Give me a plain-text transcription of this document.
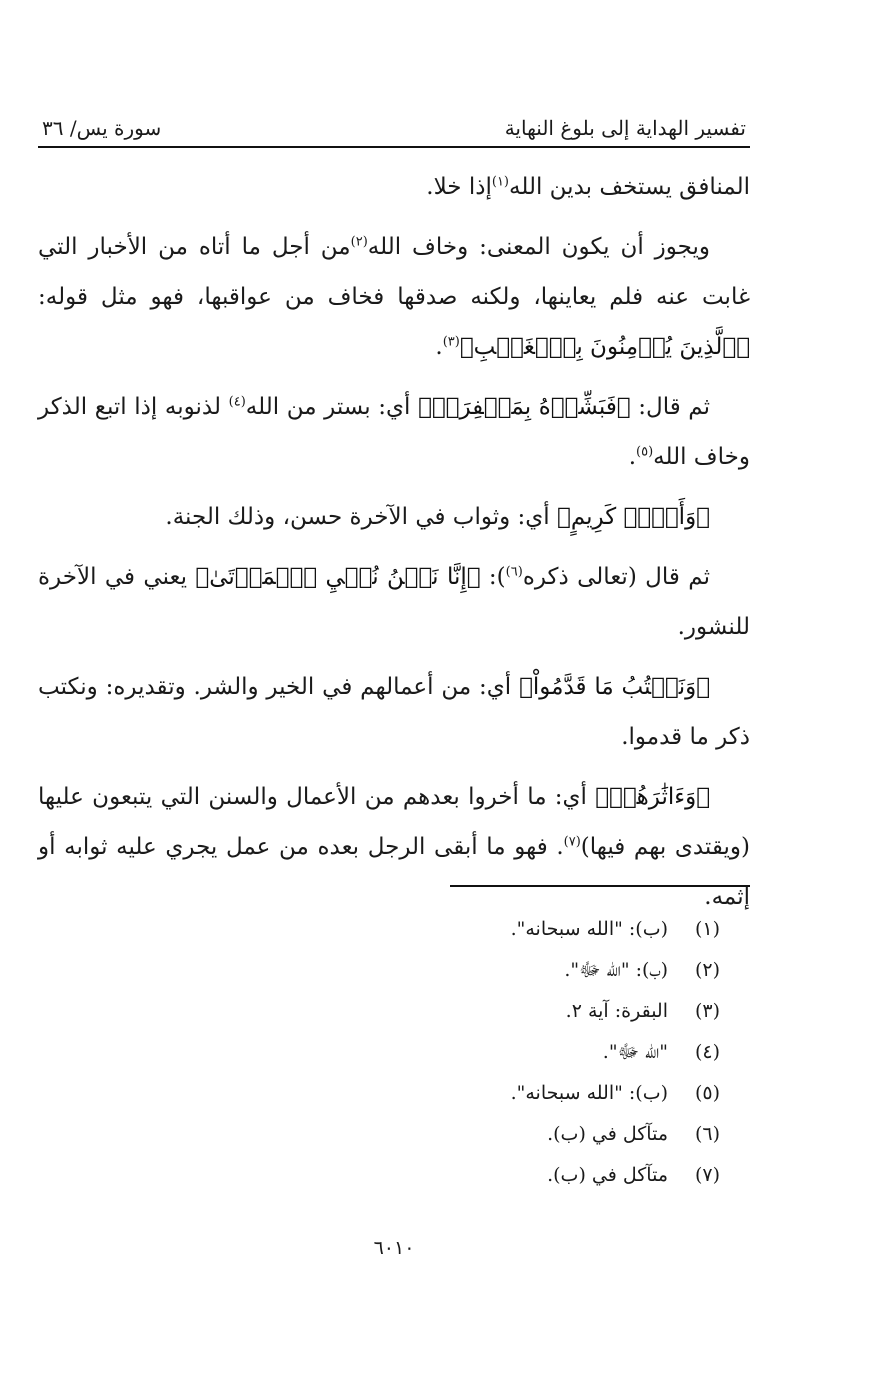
تفسير الهداية إلى بلوغ النهاية
سورة يس/ ٣٦

المنافق يستخف بدين الله$^{(١)}$إذا خلا.

ويجوز أن يكون المعنى: وخاف الله$^{(٢)}$من أجل ما أتاه من الأخبار التي غابت عنه فلم يعاينها، ولكنه صدقها فخاف من عواقبها، فهو مثل قوله: ﴿ٱلَّذِينَ يُؤۡمِنُونَ بِٱلۡغَيۡبِ﴾$^{(٣)}$.

ثم قال: ﴿فَبَشِّرۡهُ بِمَغۡفِرَةٖ﴾ أي: بستر من الله$^{(٤)}$ لذنوبه إذا اتبع الذكر وخاف الله$^{(٥)}$.

﴿وَأَجۡرٖ كَرِيمٍ﴾ أي: وثواب في الآخرة حسن، وذلك الجنة.

ثم قال (تعالى ذكره$^{(٦)}$): ﴿إِنَّا نَحۡنُ نُحۡيِ ٱلۡمَوۡتَىٰ﴾ يعني في الآخرة للنشور.

﴿وَنَكۡتُبُ مَا قَدَّمُواْ﴾ أي: من أعمالهم في الخير والشر. وتقديره: ونكتب ذكر ما قدموا.

﴿وَءَاثَٰرَهُمۡ﴾ أي: ما أخروا بعدهم من الأعمال والسنن التي يتبعون عليها (ويقتدى بهم فيها)$^{(٧)}$. فهو ما أبقى الرجل بعده من عمل يجري عليه ثوابه أو إثمه.

(١)
(ب): "الله سبحانه".
(٢)
(ب): "الله ﷻ".
(٣)
البقرة: آية ٢.
(٤)
"الله ﷻ".
(٥)
(ب): "الله سبحانه".
(٦)
متآكل في (ب).
(٧)
متآكل في (ب).
٦٠١٠
